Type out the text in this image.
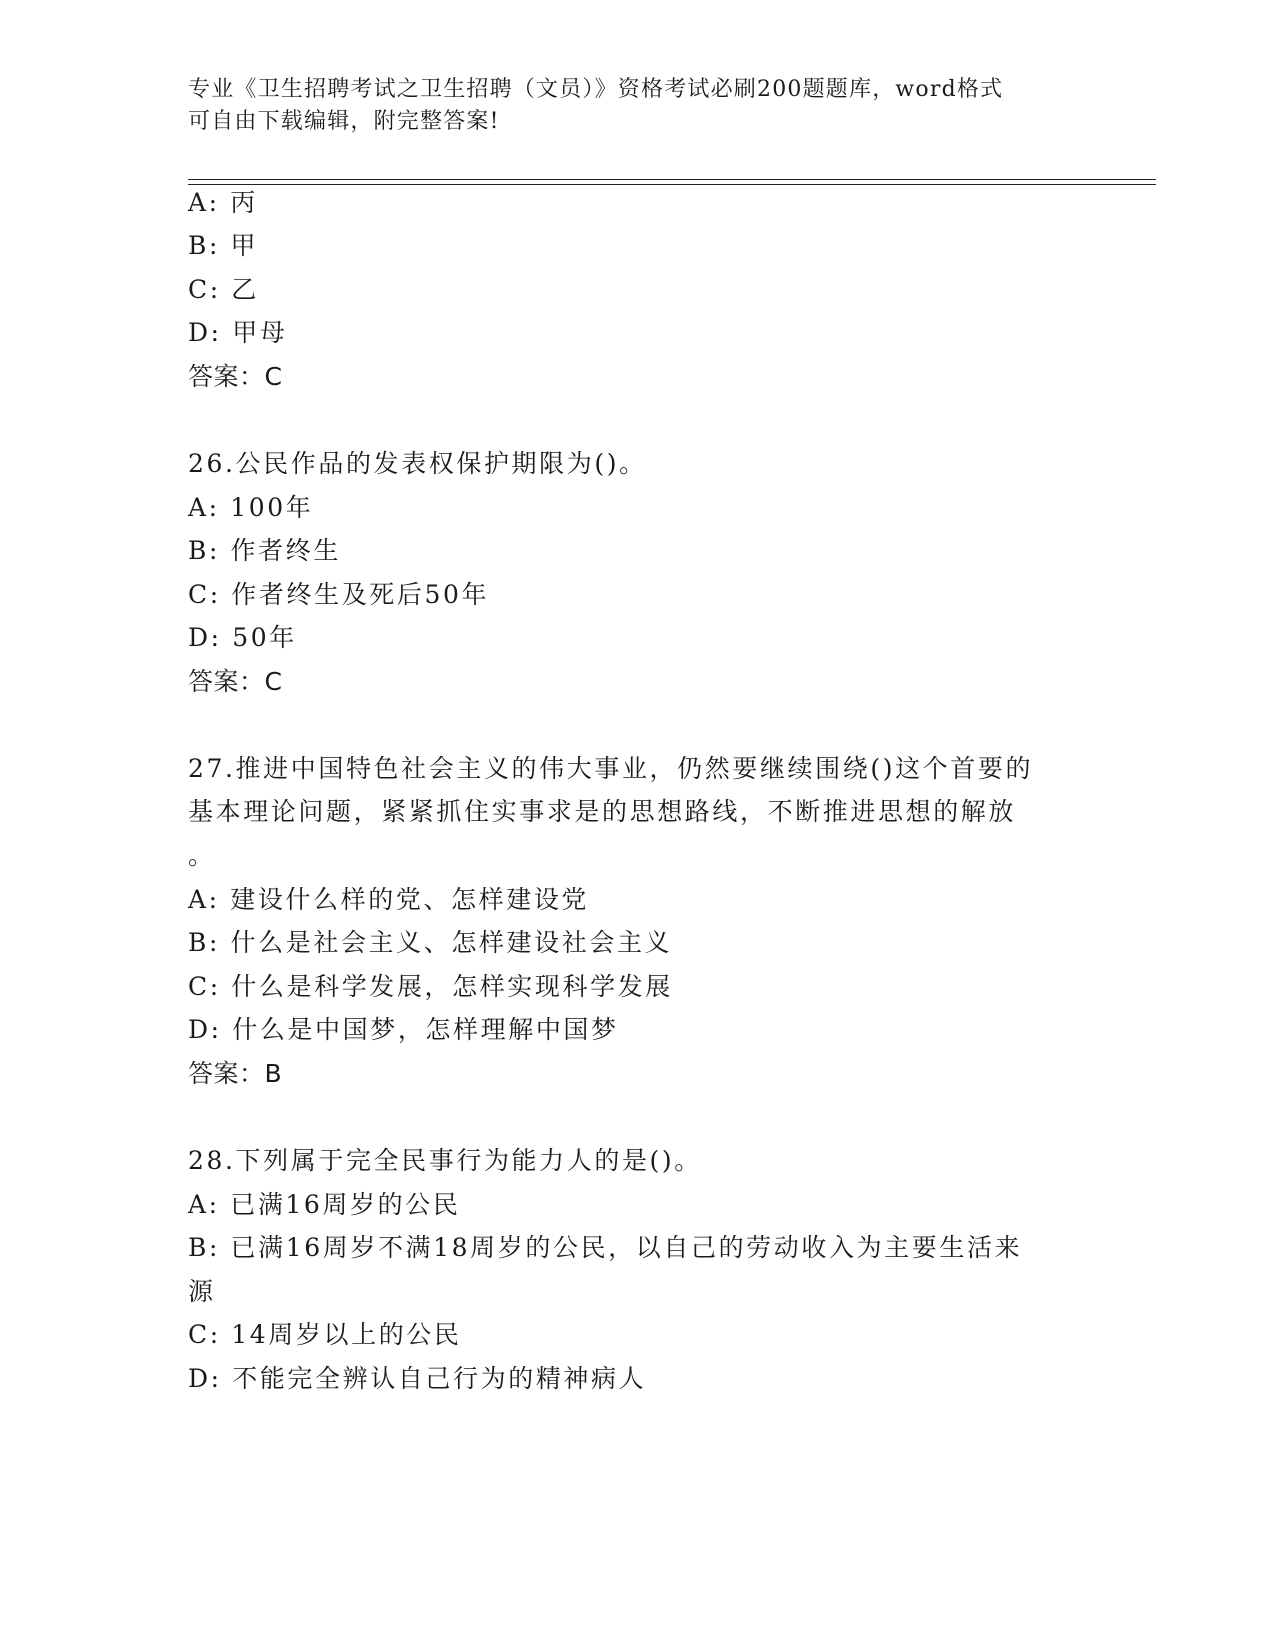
专业《卫生招聘考试之卫生招聘（文员）》资格考试必刷200题题库，word格式
可自由下载编辑，附完整答案!
A: 丙
B: 甲
C: 乙
D: 甲母
答案：C
26.公民作品的发表权保护期限为()。
A: 100年
B: 作者终生
C: 作者终生及死后50年
D: 50年
答案：C
27.推进中国特色社会主义的伟大事业，仍然要继续围绕()这个首要的
基本理论问题，紧紧抓住实事求是的思想路线，不断推进思想的解放
。
A: 建设什么样的党、怎样建设党
B: 什么是社会主义、怎样建设社会主义
C: 什么是科学发展，怎样实现科学发展
D: 什么是中国梦，怎样理解中国梦
答案：B
28.下列属于完全民事行为能力人的是()。
A: 已满16周岁的公民
B: 已满16周岁不满18周岁的公民，以自己的劳动收入为主要生活来
源
C: 14周岁以上的公民
D: 不能完全辨认自己行为的精神病人
